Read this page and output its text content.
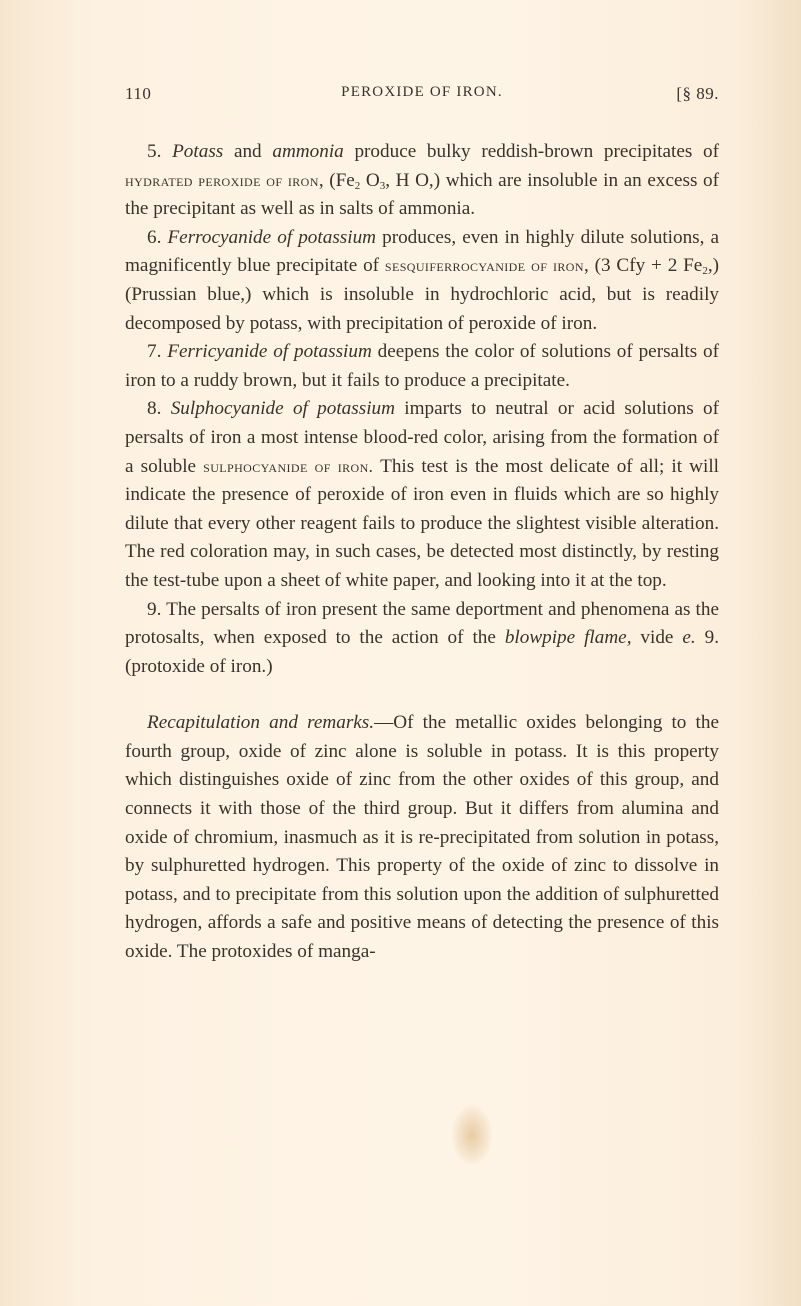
110	PEROXIDE OF IRON.	[§ 89.

5. Potass and ammonia produce bulky reddish-brown precipitates of hydrated peroxide of iron, ($Fe_2$ $O_3$, H O,) which are insoluble in an excess of the precipitant as well as in salts of ammonia.

6. Ferrocyanide of potassium produces, even in highly dilute solutions, a magnificently blue precipitate of sesquiferrocyanide of iron, (3 Cfy + 2 $Fe_2$,) (Prussian blue,) which is insoluble in hydrochloric acid, but is readily decomposed by potass, with precipitation of peroxide of iron.

7. Ferricyanide of potassium deepens the color of solutions of persalts of iron to a ruddy brown, but it fails to produce a precipitate.

8. Sulphocyanide of potassium imparts to neutral or acid solutions of persalts of iron a most intense blood-red color, arising from the formation of a soluble sulphocyanide of iron. This test is the most delicate of all; it will indicate the presence of peroxide of iron even in fluids which are so highly dilute that every other reagent fails to produce the slightest visible alteration. The red coloration may, in such cases, be detected most distinctly, by resting the test-tube upon a sheet of white paper, and looking into it at the top.

9. The persalts of iron present the same deportment and phenomena as the protosalts, when exposed to the action of the blowpipe flame, vide e. 9. (protoxide of iron.)

Recapitulation and remarks.—Of the metallic oxides belonging to the fourth group, oxide of zinc alone is soluble in potass. It is this property which distinguishes oxide of zinc from the other oxides of this group, and connects it with those of the third group. But it differs from alumina and oxide of chromium, inasmuch as it is re-precipitated from solution in potass, by sulphuretted hydrogen. This property of the oxide of zinc to dissolve in potass, and to precipitate from this solution upon the addition of sulphuretted hydrogen, affords a safe and positive means of detecting the presence of this oxide. The protoxides of manga-
